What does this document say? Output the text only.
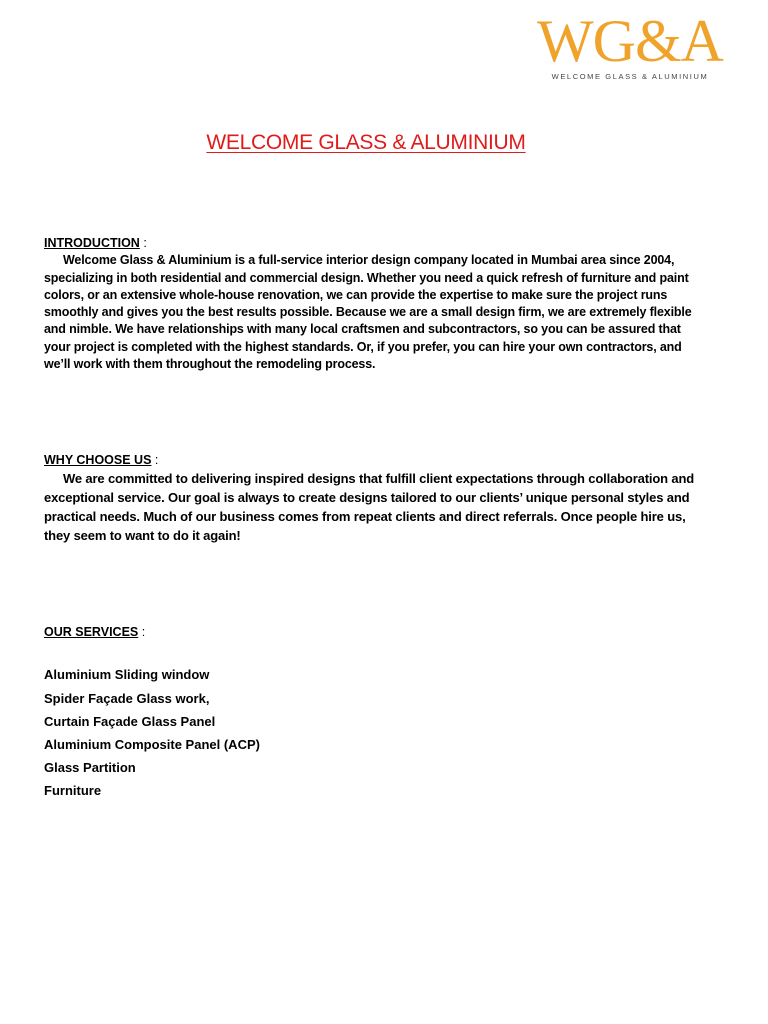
WG&A
WELCOME GLASS & ALUMINIUM
WELCOME GLASS & ALUMINIUM
INTRODUCTION :

Welcome Glass & Aluminium is a full-service interior design company located in Mumbai area since 2004, specializing in both residential and commercial design. Whether you need a quick refresh of furniture and paint colors, or an extensive whole-house renovation, we can provide the expertise to make sure the project runs smoothly and gives you the best results possible. Because we are a small design firm, we are extremely flexible and nimble. We have relationships with many local craftsmen and subcontractors, so you can be assured that your project is completed with the highest standards. Or, if you prefer, you can hire your own contractors, and we’ll work with them throughout the remodeling process.

WHY CHOOSE US :

We are committed to delivering inspired designs that fulfill client expectations through collaboration and exceptional service. Our goal is always to create designs tailored to our clients’ unique personal styles and practical needs. Much of our business comes from repeat clients and direct referrals. Once people hire us, they seem to want to do it again!

OUR SERVICES :
Aluminium Sliding window
Spider Façade Glass work,
Curtain Façade Glass Panel
Aluminium Composite Panel (ACP)
Glass Partition
Furniture
